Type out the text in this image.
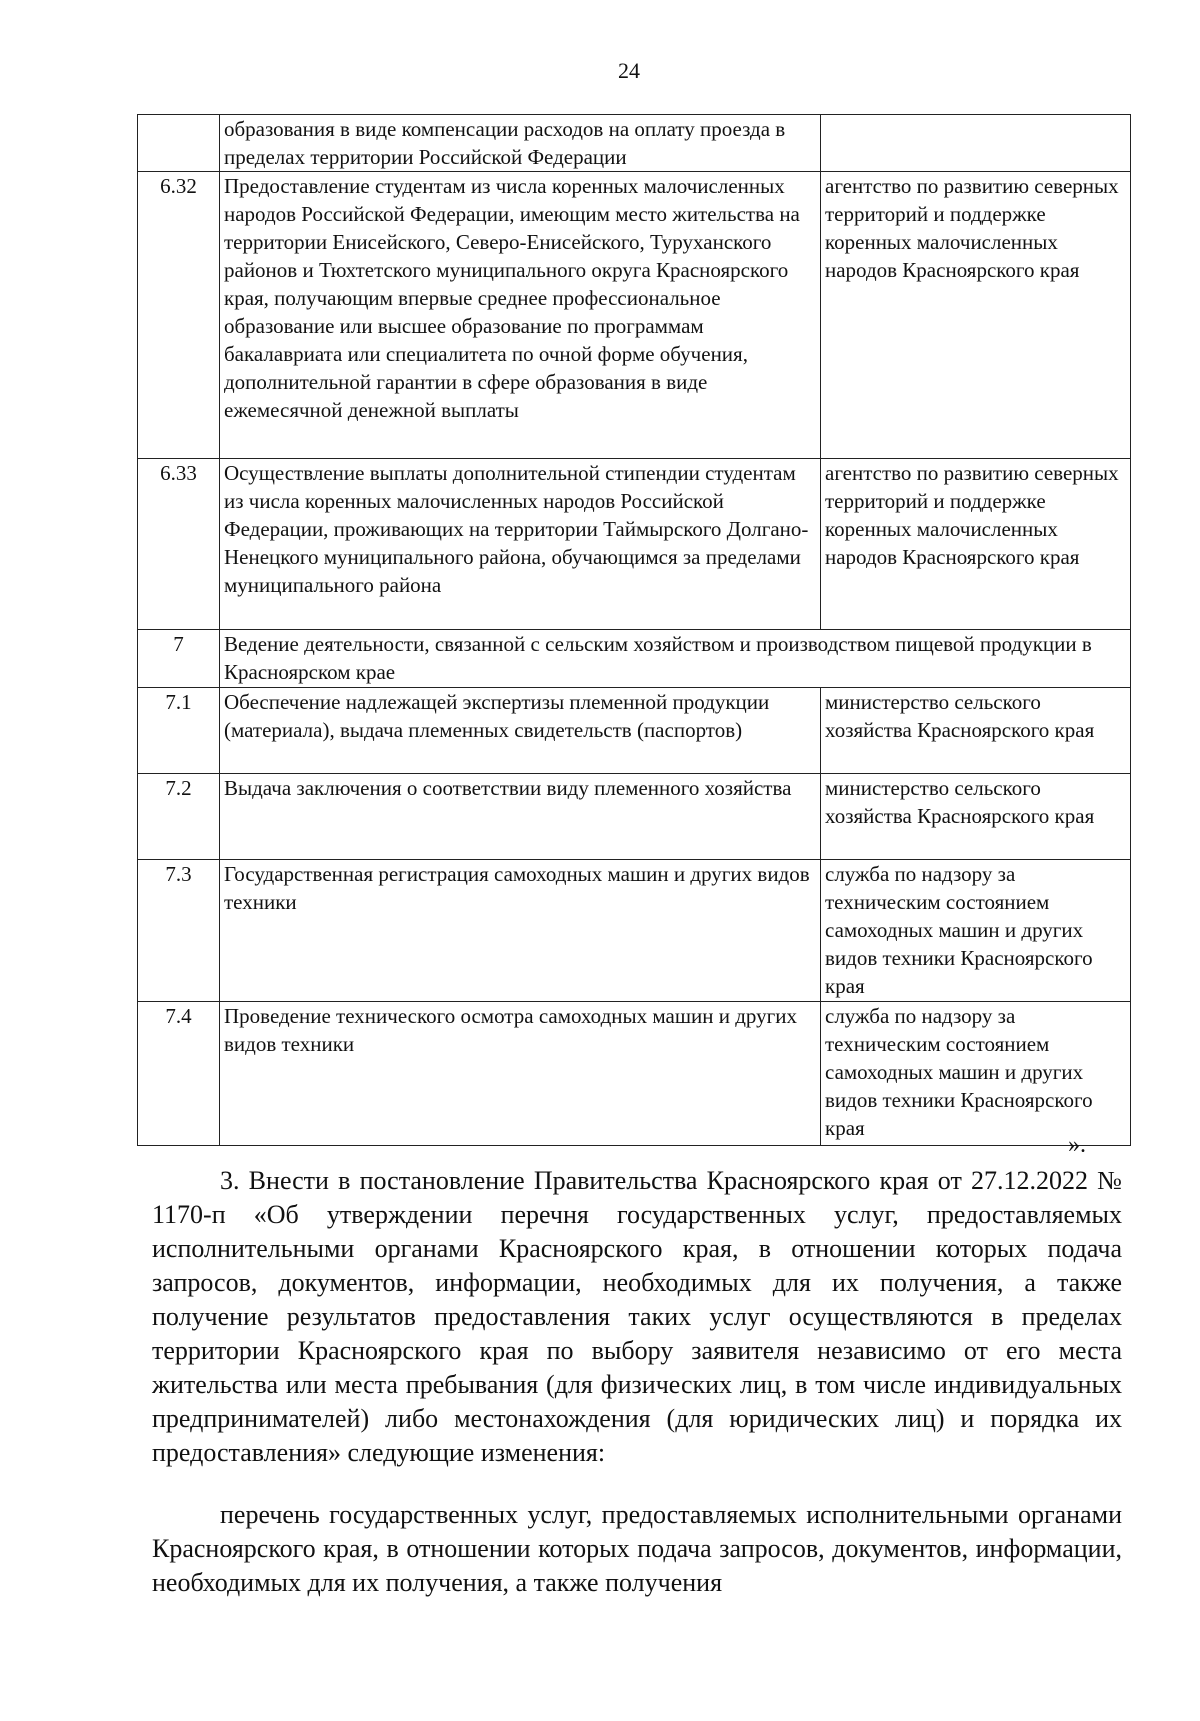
24
	образования в виде компенсации расходов на оплату проезда в пределах территории Российской Федерации	
6.32	Предоставление студентам из числа коренных малочисленных народов Российской Федерации, имеющим место жительства на территории Енисейского, Северо-Енисейского, Туруханского районов и Тюхтетского муниципального округа Красноярского края, получающим впервые среднее профессиональное образование или высшее образование по программам бакалавриата или специалитета по очной форме обучения, дополнительной гарантии в сфере образования в виде ежемесячной денежной выплаты	агентство по развитию северных территорий и поддержке коренных малочисленных народов Красноярского края
6.33	Осуществление выплаты дополнительной стипендии студентам из числа коренных малочисленных народов Российской Федерации, проживающих на территории Таймырского Долгано-Ненецкого муниципального района, обучающимся за пределами муниципального района	агентство по развитию северных территорий и поддержке коренных малочисленных народов Красноярского края
7	Ведение деятельности, связанной с сельским хозяйством и производством пищевой продукции в Красноярском крае	
7.1	Обеспечение надлежащей экспертизы племенной продукции (материала), выдача племенных свидетельств (паспортов)	министерство сельского хозяйства Красноярского края
7.2	Выдача заключения о соответствии виду племенного хозяйства	министерство сельского хозяйства Красноярского края
7.3	Государственная регистрация самоходных машин и других видов техники	служба по надзору за техническим состоянием самоходных машин и других видов техники Красноярского края
7.4	Проведение технического осмотра самоходных машин и других видов техники	служба по надзору за техническим состоянием самоходных машин и других видов техники Красноярского края
».

3. Внести в постановление Правительства Красноярского края от 27.12.2022 № 1170-п «Об утверждении перечня государственных услуг, предоставляемых исполнительными органами Красноярского края, в отношении которых подача запросов, документов, информации, необходимых для их получения, а также получение результатов предоставления таких услуг осуществляются в пределах территории Красноярского края по выбору заявителя независимо от его места жительства или места пребывания (для физических лиц, в том числе индивидуальных предпринимателей) либо местонахождения (для юридических лиц) и порядка их предоставления» следующие изменения:

перечень государственных услуг, предоставляемых исполнительными органами Красноярского края, в отношении которых подача запросов, документов, информации, необходимых для их получения, а также получения
